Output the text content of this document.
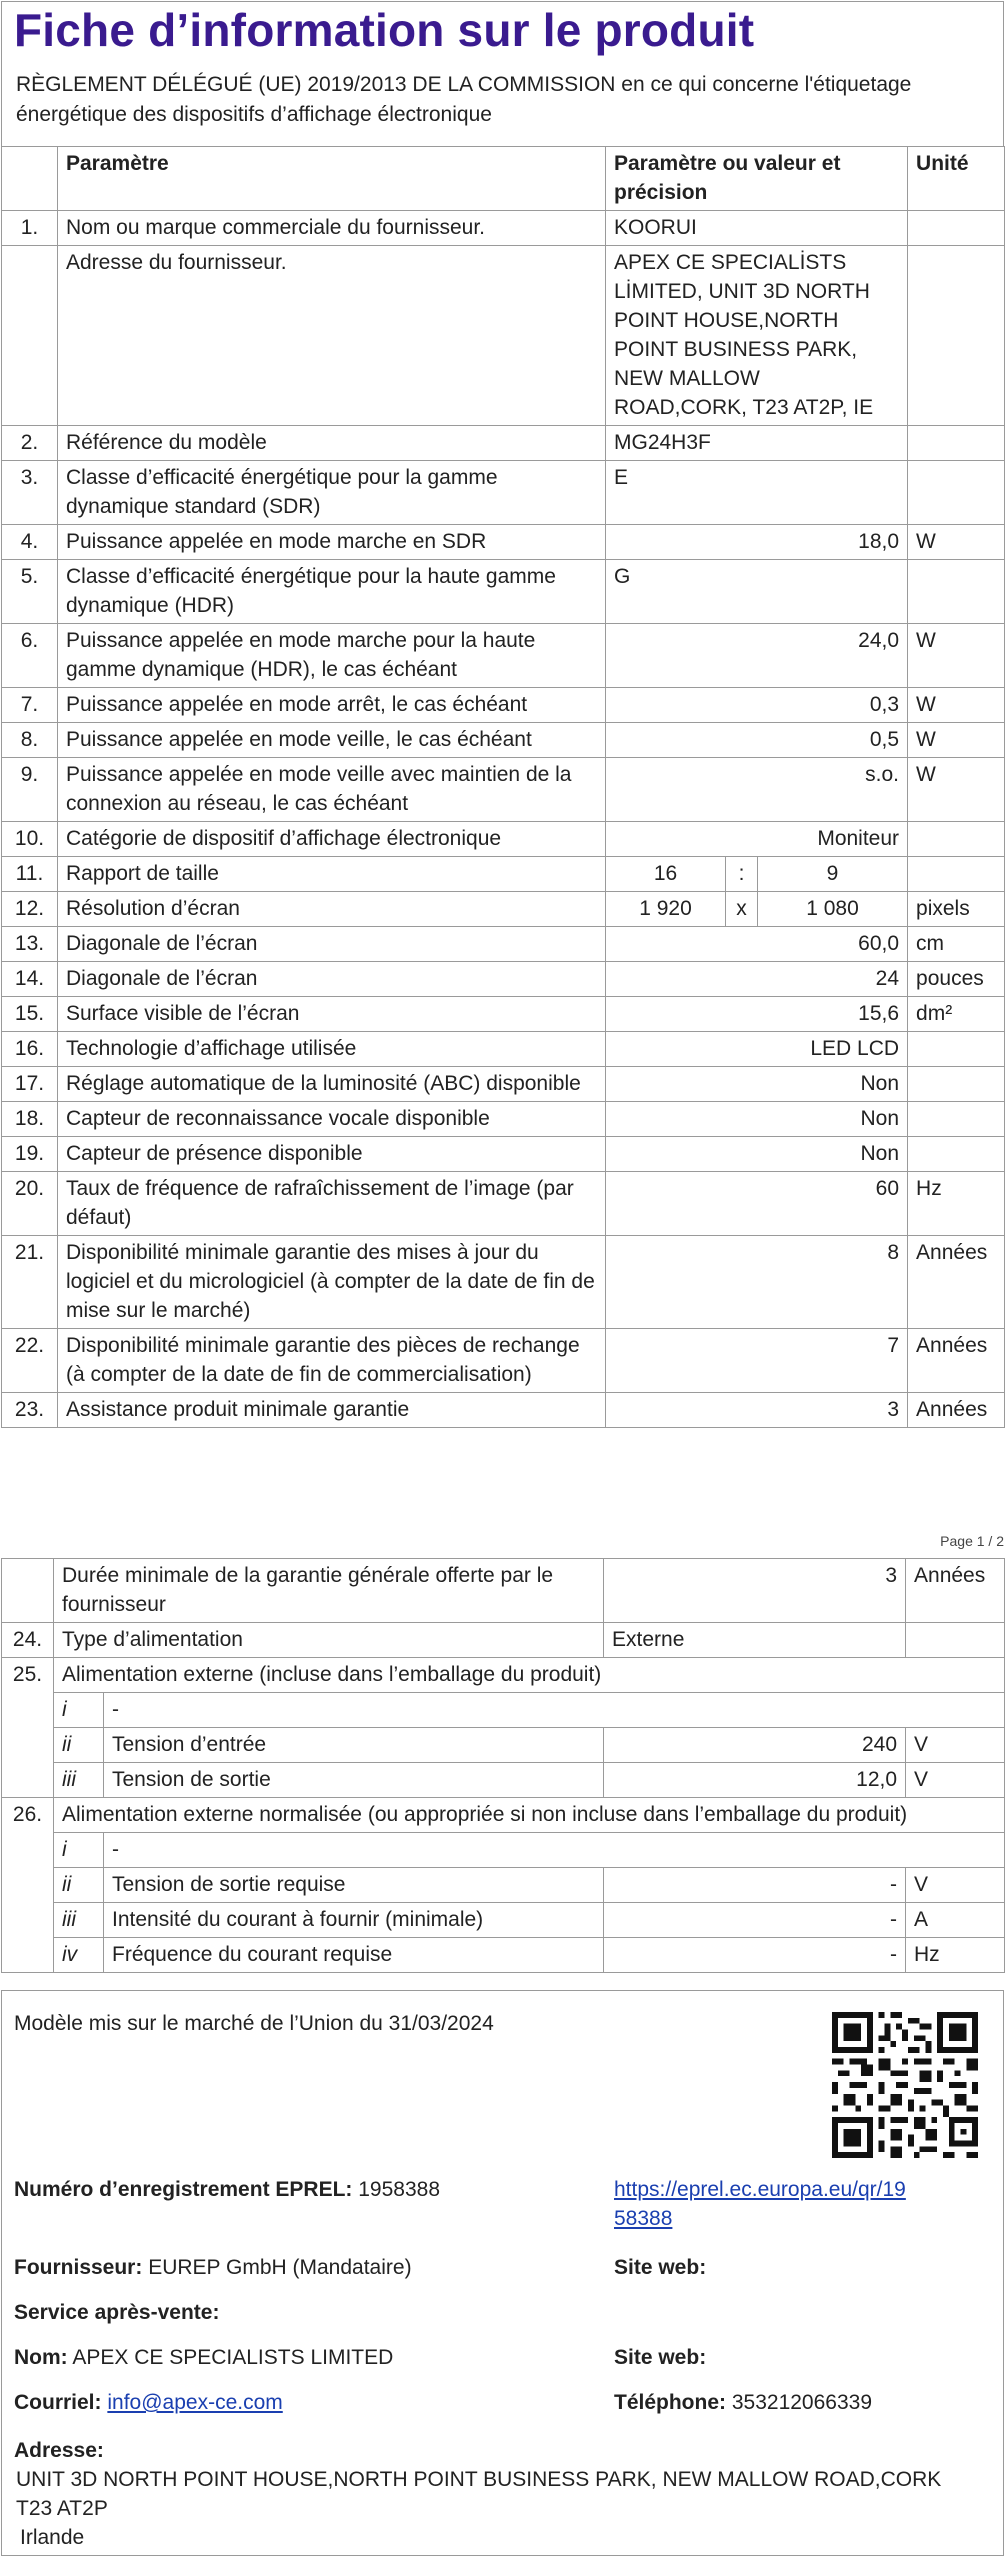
Fiche d’information sur le produit
RÈGLEMENT DÉLÉGUÉ (UE) 2019/2013 DE LA COMMISSION en ce qui concerne l'étiquetage énergétique des dispositifs d’affichage électronique
	Paramètre	Paramètre ou valeur et précision			Unité
1.	Nom ou marque commerciale du fournisseur.	KOORUI			
	Adresse du fournisseur.	APEX CE SPECIALİSTS LİMITED, UNIT 3D NORTH POINT HOUSE,NORTH POINT BUSINESS PARK, NEW MALLOW ROAD,CORK, T23 AT2P, IE			
2.	Référence du modèle	MG24H3F			
3.	Classe d’efficacité énergétique pour la gamme dynamique standard (SDR)	E			
4.	Puissance appelée en mode marche en SDR	18,0			W
5.	Classe d’efficacité énergétique pour la haute gamme dynamique (HDR)	G			
6.	Puissance appelée en mode marche pour la haute gamme dynamique (HDR), le cas échéant	24,0			W
7.	Puissance appelée en mode arrêt, le cas échéant	0,3			W
8.	Puissance appelée en mode veille, le cas échéant	0,5			W
9.	Puissance appelée en mode veille avec maintien de la connexion au réseau, le cas échéant	s.o.			W
10.	Catégorie de dispositif d’affichage électronique	Moniteur			
11.	Rapport de taille	16	:	9	
12.	Résolution d’écran	1 920	x	1 080	pixels
13.	Diagonale de l’écran	60,0			cm
14.	Diagonale de l’écran	24			pouces
15.	Surface visible de l’écran	15,6			dm²
16.	Technologie d’affichage utilisée	LED LCD			
17.	Réglage automatique de la luminosité (ABC) disponible	Non			
18.	Capteur de reconnaissance vocale disponible	Non			
19.	Capteur de présence disponible	Non			
20.	Taux de fréquence de rafraîchissement de l’image (par défaut)	60			Hz
21.	Disponibilité minimale garantie des mises à jour du logiciel et du micrologiciel (à compter de la date de fin de mise sur le marché)	8			Années
22.	Disponibilité minimale garantie des pièces de rechange (à compter de la date de fin de commercialisation)	7			Années
23.	Assistance produit minimale garantie	3			Années
Page 1 / 2
	Durée minimale de la garantie générale offerte par le fournisseur		3	Années
24.	Type d’alimentation		Externe	
25.	Alimentation externe (incluse dans l’emballage du produit)			
	i	-		
	ii	Tension d’entrée	240	V
	iii	Tension de sortie	12,0	V
26.	Alimentation externe normalisée (ou appropriée si non incluse dans l’emballage du produit)			
	i	-		
	ii	Tension de sortie requise	-	V
	iii	Intensité du courant à fournir (minimale)	-	A
	iv	Fréquence du courant requise	-	Hz
Modèle mis sur le marché de l’Union du 31/03/2024
Numéro d’enregistrement EPREL: 1958388	https://eprel.ec.europa.eu/qr/19
58388
Fournisseur: EUREP GmbH (Mandataire)	Site web:
Service après-vente:
Nom: APEX CE SPECIALISTS LIMITED	Site web:
Courriel: info@apex-ce.com	Téléphone: 353212066339
Adresse:
UNIT 3D NORTH POINT HOUSE,NORTH POINT BUSINESS PARK, NEW MALLOW ROAD,CORK
T23 AT2P
Irlande
